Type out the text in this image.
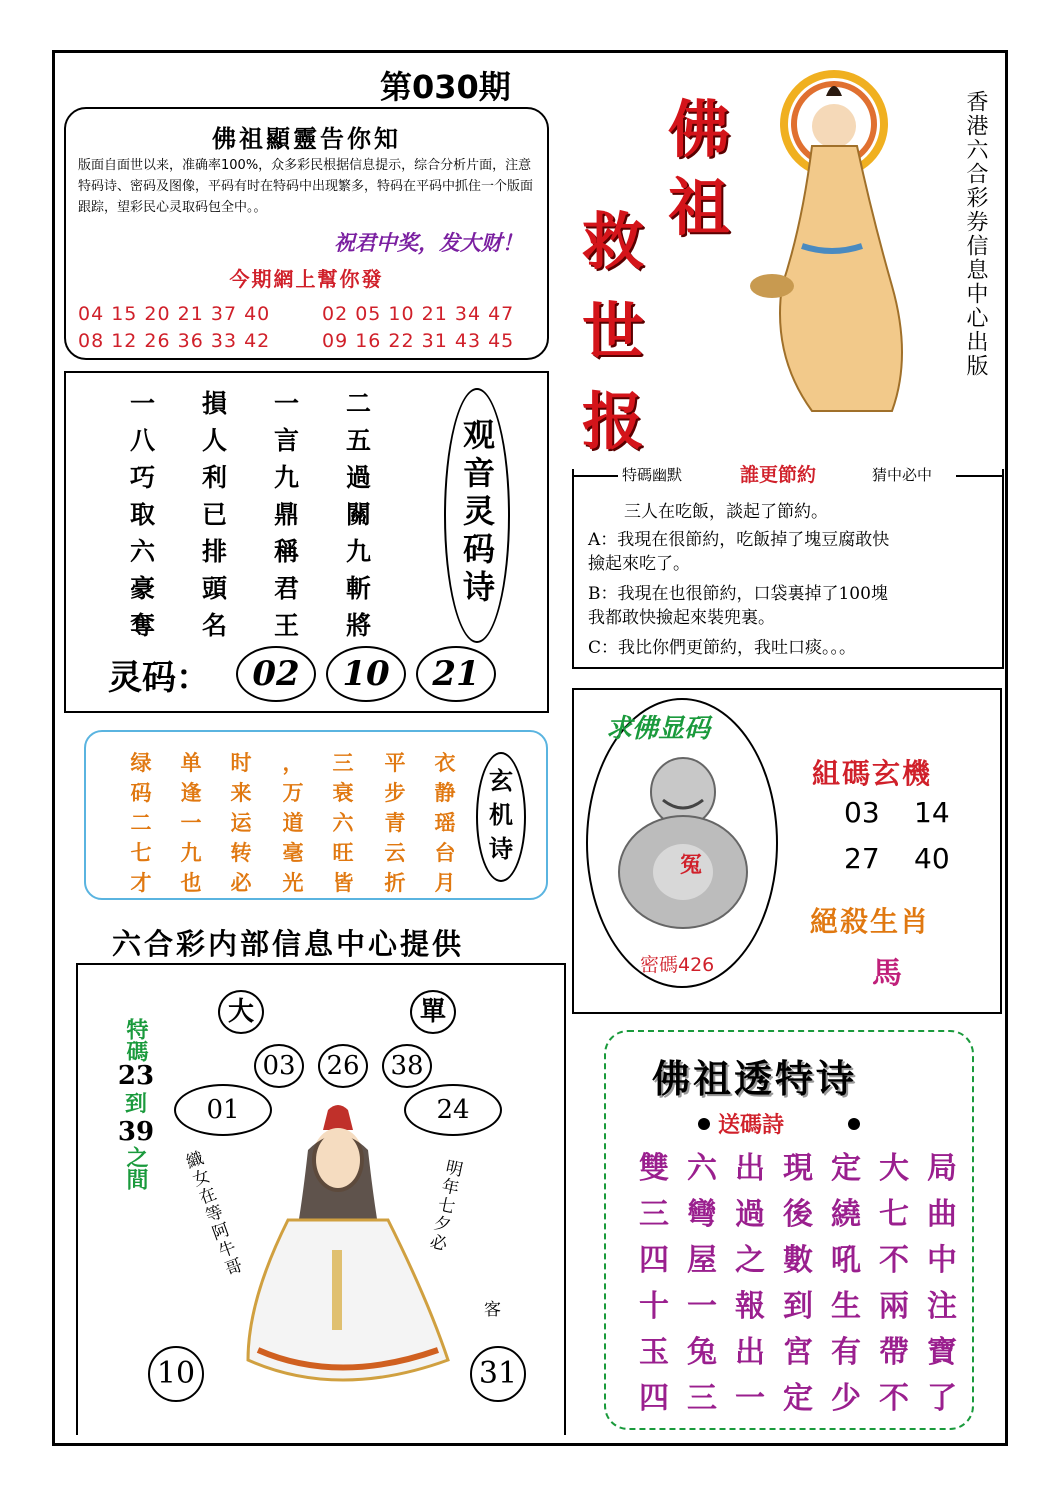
第030期
佛祖顯靈告你知
版面自面世以来，准确率100%，众多彩民根据信息提示，综合分析片面，注意特码诗、密码及图像，平码有时在特码中出现繁多，特码在平码中抓住一个版面跟踪，望彩民心灵取码包全中。。
祝君中奖，发大财！
今期網上幫你發
04 15 20 21 37 40
08 12 26 36 33 42
02 05 10 21 34 47
09 16 22 31 43 45
佛
祖
救
世
报
香港六合彩券信息中心出版
一	損	一	二
八	人	言	五
巧	利	九	過
取	已	鼎	關
六	排	稱	九
豪	頭	君	斬
奪	名	王	將
观音灵码诗
灵码：	02	10	21
绿码二七才
单逢一九也
时来运转必
，万道毫光
三衰六旺皆
平步青云折
衣静瑶台月
玄机诗
六合彩内部信息中心提供
大	單
03	26	38
01	24
特碼
23
到
39
之間 織女在等阿牛哥	明年七夕必
客
10	31
特碼幽默	誰更節約	猜中必中
三人在吃飯，談起了節約。
A：我現在很節約，吃飯掉了塊豆腐敢快
撿起來吃了。
B：我現在也很節約，口袋裏掉了100塊
我都敢快撿起來裝兜裏。
C：我比你們更節約，我吐口痰。。。
求佛显码
冤
密碼426
組碼玄機
03 14
27 40
絕殺生肖
馬
佛祖透特诗
送碼詩
雙 六 出 現 定 大 局
三 彎 過 後 繞 七 曲
四 屋 之 數 吼 不 中
十 一 報 到 生 兩 注
玉 兔 出 宮 有 帶 寶
四 三 一 定 少 不 了
